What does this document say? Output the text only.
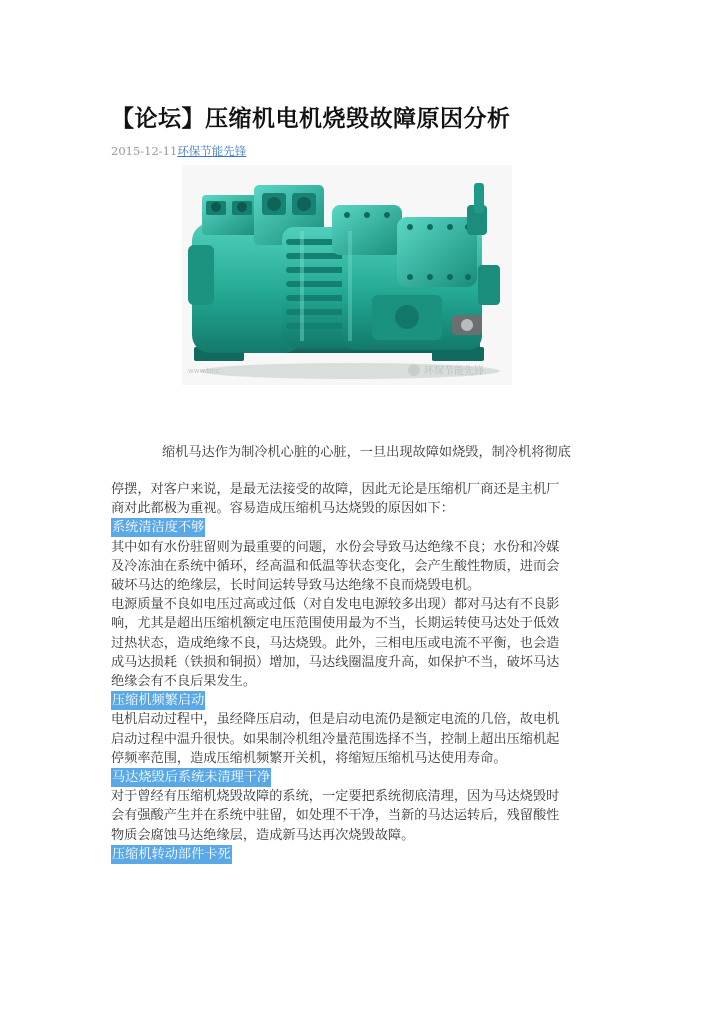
【论坛】压缩机电机烧毁故障原因分析
2015-12-11环保节能先锋
环保节能先锋
www.bnc
缩机马达作为制冷机心脏的心脏，一旦出现故障如烧毁，制冷机将彻底
停摆，对客户来说，是最无法接受的故障，因此无论是压缩机厂商还是主机厂
商对此都极为重视。容易造成压缩机马达烧毁的原因如下：
系统清洁度不够
其中如有水份驻留则为最重要的问题，水份会导致马达绝缘不良；水份和冷媒
及冷冻油在系统中循环，经高温和低温等状态变化，会产生酸性物质，进而会
破坏马达的绝缘层，长时间运转导致马达绝缘不良而烧毁电机。
电源质量不良如电压过高或过低（对自发电电源较多出现）都对马达有不良影
响，尤其是超出压缩机额定电压范围使用最为不当，长期运转使马达处于低效
过热状态，造成绝缘不良，马达烧毁。此外，三相电压或电流不平衡，也会造
成马达损耗（铁损和铜损）增加，马达线圈温度升高，如保护不当，破坏马达
绝缘会有不良后果发生。
压缩机频繁启动
电机启动过程中，虽经降压启动，但是启动电流仍是额定电流的几倍，故电机
启动过程中温升很快。如果制冷机组冷量范围选择不当，控制上超出压缩机起
停频率范围，造成压缩机频繁开关机，将缩短压缩机马达使用寿命。
马达烧毁后系统未清理干净
对于曾经有压缩机烧毁故障的系统，一定要把系统彻底清理，因为马达烧毁时
会有强酸产生并在系统中驻留，如处理不干净，当新的马达运转后，残留酸性
物质会腐蚀马达绝缘层，造成新马达再次烧毁故障。
压缩机转动部件卡死
